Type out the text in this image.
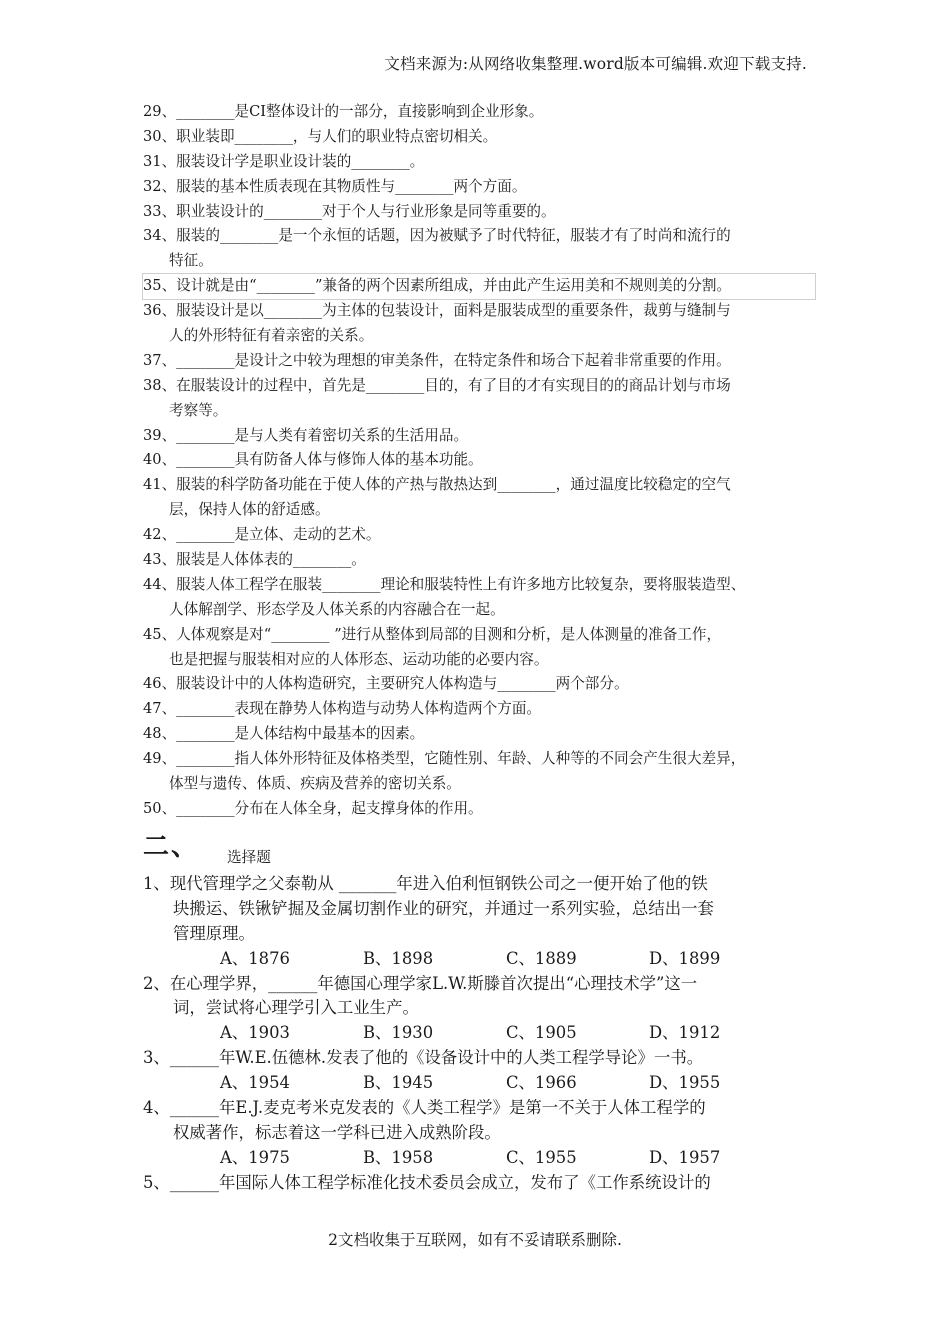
文档来源为:从网络收集整理.word版本可编辑.欢迎下载支持.
29、________是CI整体设计的一部分，直接影响到企业形象。
30、职业装即________，与人们的职业特点密切相关。
31、服装设计学是职业设计装的________。
32、服装的基本性质表现在其物质性与________两个方面。
33、职业装设计的________对于个人与行业形象是同等重要的。
34、服装的________是一个永恒的话题，因为被赋予了时代特征，服装才有了时尚和流行的
特征。
35、设计就是由“________”兼备的两个因素所组成，并由此产生运用美和不规则美的分割。
36、服装设计是以________为主体的包装设计，面料是服装成型的重要条件，裁剪与缝制与
人的外形特征有着亲密的关系。
37、________是设计之中较为理想的审美条件，在特定条件和场合下起着非常重要的作用。
38、在服装设计的过程中，首先是________目的，有了目的才有实现目的的商品计划与市场
考察等。
39、________是与人类有着密切关系的生活用品。
40、________具有防备人体与修饰人体的基本功能。
41、服装的科学防备功能在于使人体的产热与散热达到________，通过温度比较稳定的空气
层，保持人体的舒适感。
42、________是立体、走动的艺术。
43、服装是人体体表的________。
44、服装人体工程学在服装________理论和服装特性上有许多地方比较复杂，要将服装造型、
人体解剖学、形态学及人体关系的内容融合在一起。
45、人体观察是对“________ ”进行从整体到局部的目测和分析，是人体测量的准备工作，
也是把握与服装相对应的人体形态、运动功能的必要内容。
46、服装设计中的人体构造研究，主要研究人体构造与________两个部分。
47、________表现在静势人体构造与动势人体构造两个方面。
48、________是人体结构中最基本的因素。
49、________指人体外形特征及体格类型，它随性别、年龄、人种等的不同会产生很大差异，
体型与遗传、体质、疾病及营养的密切关系。
50、________分布在人体全身，起支撑身体的作用。
二、 选择题
1、现代管理学之父泰勒从 _______年进入伯利恒钢铁公司之一便开始了他的铁
块搬运、铁锹铲掘及金属切割作业的研究，并通过一系列实验，总结出一套
管理原理。
A、1876	B、1898	C、1889	D、1899
2、在心理学界，______年德国心理学家L.W.斯滕首次提出“心理技术学”这一
词，尝试将心理学引入工业生产。
A、1903	B、1930	C、1905	D、1912
3、______年W.E.伍德林.发表了他的《设备设计中的人类工程学导论》一书。
A、1954	B、1945	C、1966	D、1955
4、______年E.J.麦克考米克发表的《人类工程学》是第一不关于人体工程学的
权威著作，标志着这一学科已进入成熟阶段。
A、1975	B、1958	C、1955	D、1957
5、______年国际人体工程学标准化技术委员会成立，发布了《工作系统设计的
2文档收集于互联网，如有不妥请联系删除.
